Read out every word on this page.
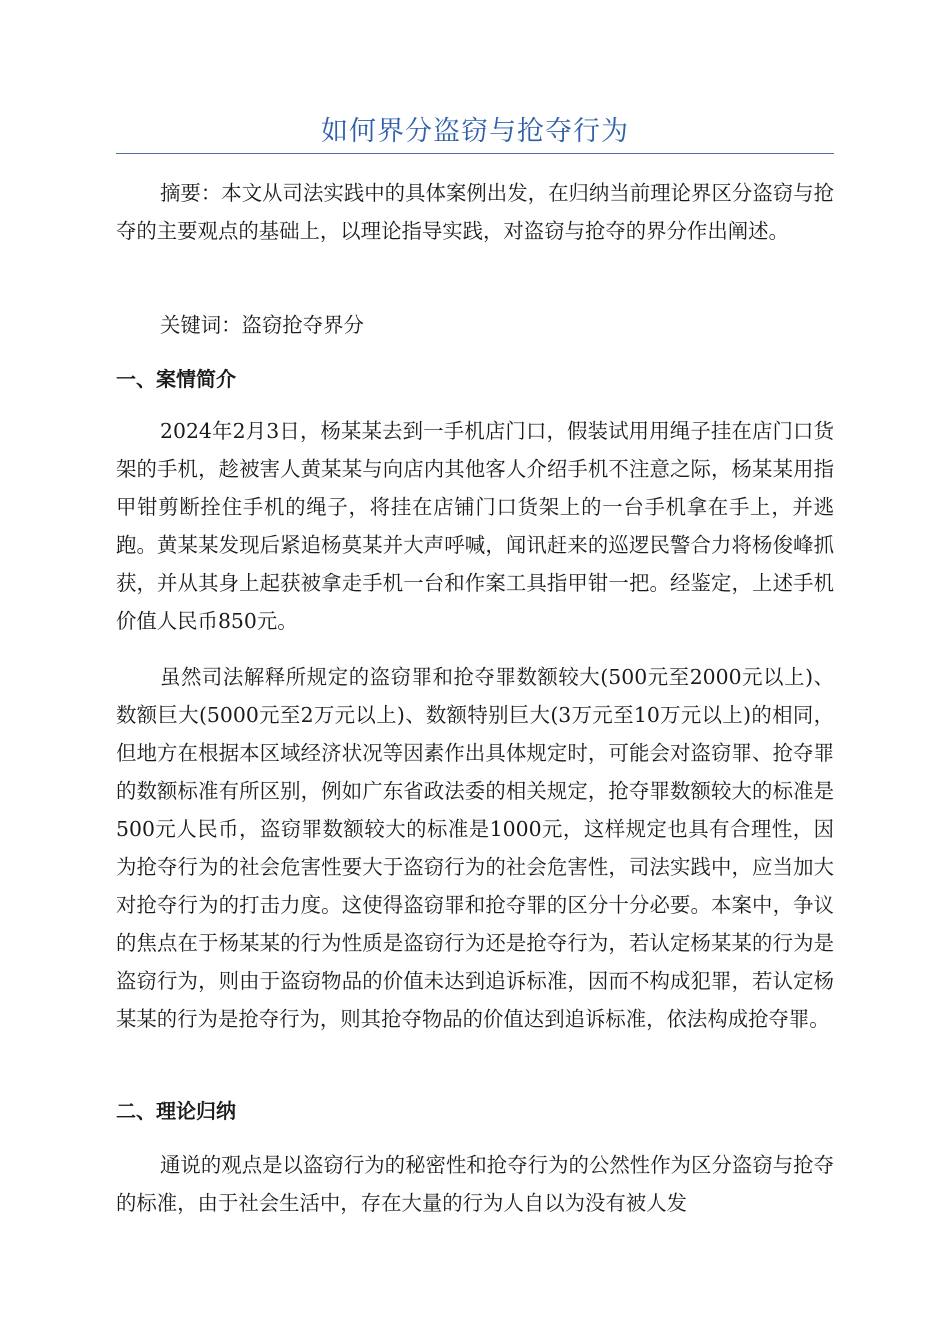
如何界分盗窃与抢夺行为

摘要：本文从司法实践中的具体案例出发，在归纳当前理论界区分盗窃与抢夺的主要观点的基础上，以理论指导实践，对盗窃与抢夺的界分作出阐述。

关键词：盗窃抢夺界分

一、案情简介

2024年2月3日，杨某某去到一手机店门口，假装试用用绳子挂在店门口货架的手机，趁被害人黄某某与向店内其他客人介绍手机不注意之际，杨某某用指甲钳剪断拴住手机的绳子，将挂在店铺门口货架上的一台手机拿在手上，并逃跑。黄某某发现后紧追杨莫某并大声呼喊，闻讯赶来的巡逻民警合力将杨俊峰抓获，并从其身上起获被拿走手机一台和作案工具指甲钳一把。经鉴定，上述手机价值人民币850元。

虽然司法解释所规定的盗窃罪和抢夺罪数额较大(500元至2000元以上)、数额巨大(5000元至2万元以上)、数额特别巨大(3万元至10万元以上)的相同，但地方在根据本区域经济状况等因素作出具体规定时，可能会对盗窃罪、抢夺罪的数额标准有所区别，例如广东省政法委的相关规定，抢夺罪数额较大的标准是500元人民币，盗窃罪数额较大的标准是1000元，这样规定也具有合理性，因为抢夺行为的社会危害性要大于盗窃行为的社会危害性，司法实践中，应当加大对抢夺行为的打击力度。这使得盗窃罪和抢夺罪的区分十分必要。本案中，争议的焦点在于杨某某的行为性质是盗窃行为还是抢夺行为，若认定杨某某的行为是盗窃行为，则由于盗窃物品的价值未达到追诉标准，因而不构成犯罪，若认定杨某某的行为是抢夺行为，则其抢夺物品的价值达到追诉标准，依法构成抢夺罪。

二、理论归纳

通说的观点是以盗窃行为的秘密性和抢夺行为的公然性作为区分盗窃与抢夺的标准，由于社会生活中，存在大量的行为人自以为没有被人发
